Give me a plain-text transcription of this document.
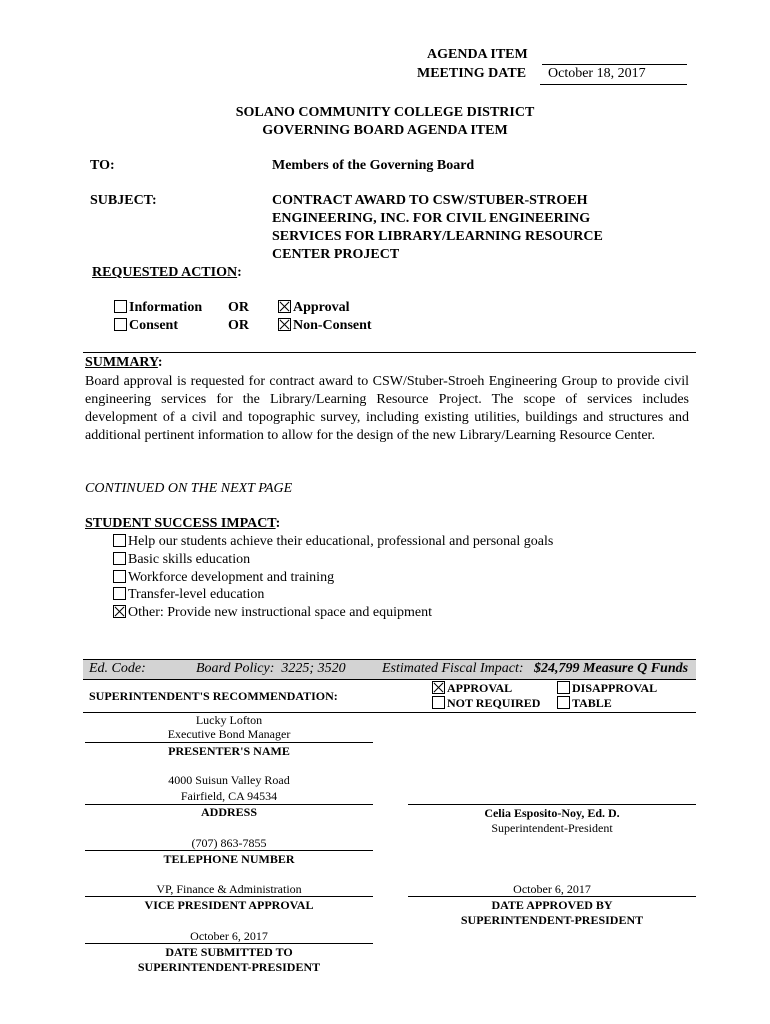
AGENDA ITEM
MEETING DATE October 18, 2017
SOLANO COMMUNITY COLLEGE DISTRICT
GOVERNING BOARD AGENDA ITEM
TO:	Members of the Governing Board
SUBJECT:	CONTRACT AWARD TO CSW/STUBER-STROEH
ENGINEERING, INC. FOR CIVIL ENGINEERING
SERVICES FOR LIBRARY/LEARNING RESOURCE
CENTER PROJECT
REQUESTED ACTION:
Information OR	Approval
Consent	OR	Non-Consent
SUMMARY:
Board approval is requested for contract award to CSW/Stuber-Stroeh Engineering Group to provide civil engineering services for the Library/Learning Resource Project. The scope of services includes development of a civil and topographic survey, including existing utilities, buildings and structures and additional pertinent information to allow for the design of the new Library/Learning Resource Center.
CONTINUED ON THE NEXT PAGE
STUDENT SUCCESS IMPACT:
Help our students achieve their educational, professional and personal goals
Basic skills education
Workforce development and training
Transfer-level education
Other: Provide new instructional space and equipment
Ed. Code:	Board Policy: 3225; 3520	Estimated Fiscal Impact: $24,799 Measure Q Funds
SUPERINTENDENT'S RECOMMENDATION:
APPROVAL	DISAPPROVAL
NOT REQUIRED	TABLE
Lucky Lofton
Executive Bond Manager
PRESENTER'S NAME
4000 Suisun Valley Road
Fairfield, CA 94534
ADDRESS
(707) 863-7855
TELEPHONE NUMBER
VP, Finance & Administration
VICE PRESIDENT APPROVAL
October 6, 2017
DATE SUBMITTED TO
SUPERINTENDENT-PRESIDENT
Celia Esposito-Noy, Ed. D.
Superintendent-President
October 6, 2017
DATE APPROVED BY
SUPERINTENDENT-PRESIDENT
